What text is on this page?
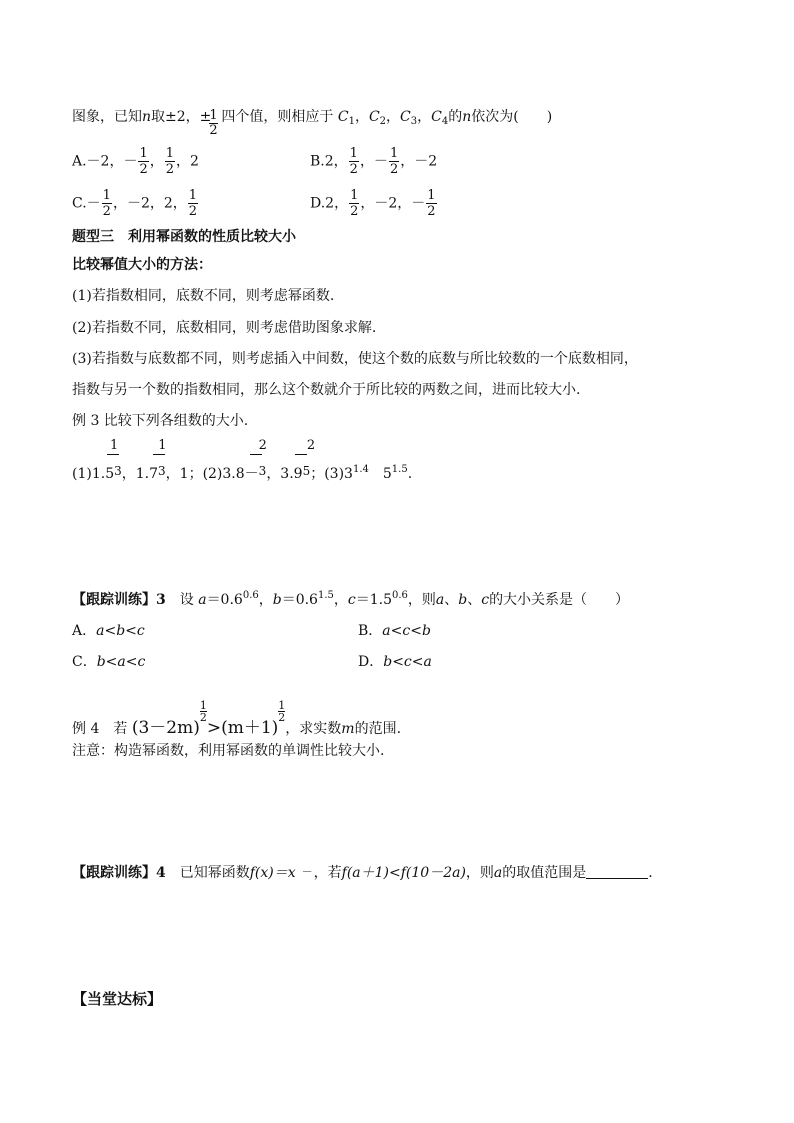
图象，已知n取±2，±
1
2
四个值，则相应于 $C_1$，$C_2$，$C_3$，$C_4$的n依次为(　　)
A.－2，－ $\frac{1}{2}$ ， $\frac{1}{2}$ ，2	B.2， $\frac{1}{2}$ ，－ $\frac{1}{2}$ ，－2
$C.- \frac{1}{2}$ ，－2，2， $\frac{1}{2}$	D.2， $\frac{1}{2}$ ，－2，－ $\frac{1}{2}$
题型三　利用幂函数的性质比较大小
比较幂值大小的方法：
(1)若指数相同，底数不同，则考虑幂函数.
(2)若指数不同，底数相同，则考虑借助图象求解.
(3)若指数与底数都不同，则考虑插入中间数，使这个数的底数与所比较数的一个底数相同，
指数与另一个数的指数相同，那么这个数就介于所比较的两数之间，进而比较大小.
例 3 比较下列各组数的大小.
1	1	2	2
(1)1.53，1.73，1；(2)3.8－3，3.95；$(3)3^{1.4}$ $5^{1.5}$.
【跟踪训练】3　 设 $a=0.6^{0.6}$，$b=0.6^{1.5}$，$c=1.5^{0.6}$，则a、b、c的大小关系是（　　）
A．a<b<c	B．a<c<b
C．b<a<c	D．b<c<a
例 4　若 (3－2m)
$\frac{1}{2}>(m+1)$
$\frac{1}{2}$，求实数m的范围.
注意：构造幂函数，利用幂函数的单调性比较大小.
【跟踪训练】4　 已知幂函数f(x)＝x － ，若f(a＋1)<f(10－2a)，则a的取值范围是	.
【当堂达标】
